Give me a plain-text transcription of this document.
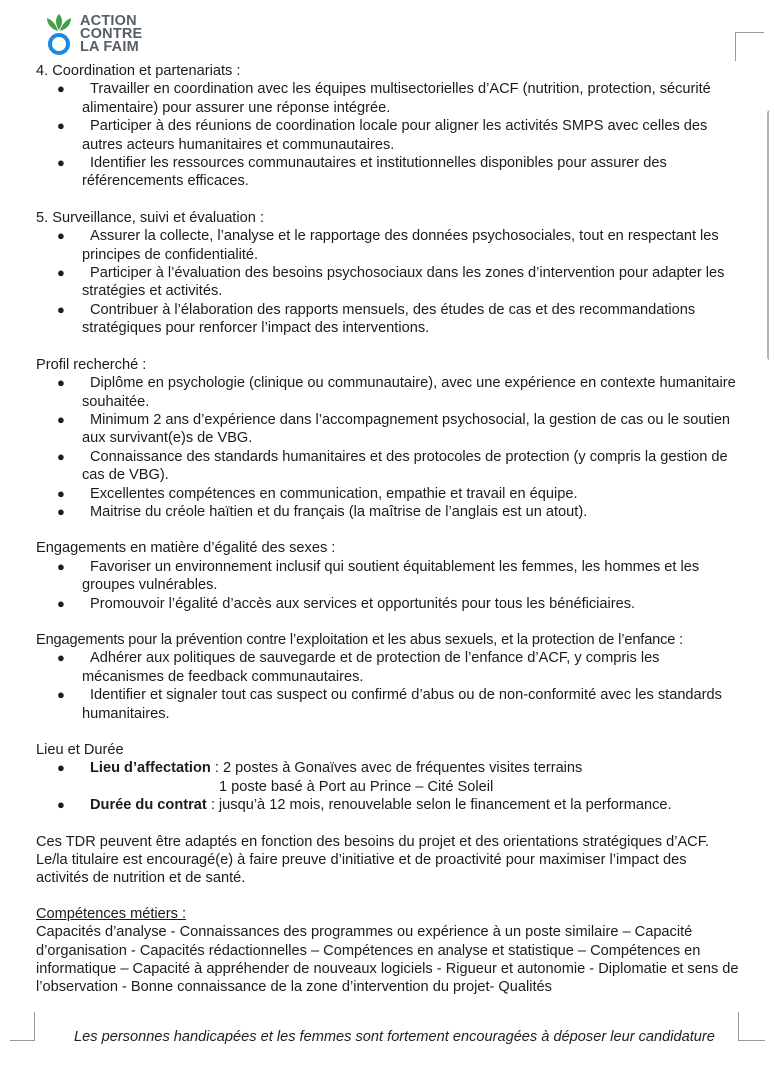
ACTION
CONTRE
LA FAIM
4. Coordination et partenariats :
●	Travailler en coordination avec les équipes multisectorielles d’ACF (nutrition, protection, sécurité alimentaire) pour assurer une réponse intégrée.
●	Participer à des réunions de coordination locale pour aligner les activités SMPS avec celles des autres acteurs humanitaires et communautaires.
●	Identifier les ressources communautaires et institutionnelles disponibles pour assurer des référencements efficaces.
5. Surveillance, suivi et évaluation :
●	Assurer la collecte, l’analyse et le rapportage des données psychosociales, tout en respectant les principes de confidentialité.
●	Participer à l’évaluation des besoins psychosociaux dans les zones d’intervention pour adapter les stratégies et activités.
●	Contribuer à l’élaboration des rapports mensuels, des études de cas et des recommandations stratégiques pour renforcer l’impact des interventions.
Profil recherché :
●	Diplôme en psychologie (clinique ou communautaire), avec une expérience en contexte humanitaire souhaitée.
●	Minimum 2 ans d’expérience dans l’accompagnement psychosocial, la gestion de cas ou le soutien aux survivant(e)s de VBG.
●	Connaissance des standards humanitaires et des protocoles de protection (y compris la gestion de cas de VBG).
●	Excellentes compétences en communication, empathie et travail en équipe.
●	Maitrise du créole haïtien et du français (la maîtrise de l’anglais est un atout).
Engagements en matière d’égalité des sexes :
●	Favoriser un environnement inclusif qui soutient équitablement les femmes, les hommes et les groupes vulnérables.
●	Promouvoir l’égalité d’accès aux services et opportunités pour tous les bénéficiaires.
Engagements pour la prévention contre l’exploitation et les abus sexuels, et la protection de l’enfance :
●	Adhérer aux politiques de sauvegarde et de protection de l’enfance d’ACF, y compris les mécanismes de feedback communautaires.
●	Identifier et signaler tout cas suspect ou confirmé d’abus ou de non-conformité avec les standards humanitaires.
Lieu et Durée
●	Lieu d’affectation : 2 postes à Gonaïves avec de fréquentes visites terrains
1 poste basé à Port au Prince – Cité Soleil
●	Durée du contrat : jusqu’à 12 mois, renouvelable selon le financement et la performance.

Ces TDR peuvent être adaptés en fonction des besoins du projet et des orientations stratégiques d’ACF. Le/la titulaire est encouragé(e) à faire preuve d’initiative et de proactivité pour maximiser l’impact des activités de nutrition et de santé.

Compétences métiers :
Capacités d’analyse - Connaissances des programmes ou expérience à un poste similaire – Capacité d’organisation - Capacités rédactionnelles – Compétences en analyse et statistique – Compétences en informatique – Capacité à appréhender de nouveaux logiciels - Rigueur et autonomie - Diplomatie et sens de l’observation - Bonne connaissance de la zone d’intervention du projet- Qualités
Les personnes handicapées et les femmes sont fortement encouragées à déposer leur candidature
